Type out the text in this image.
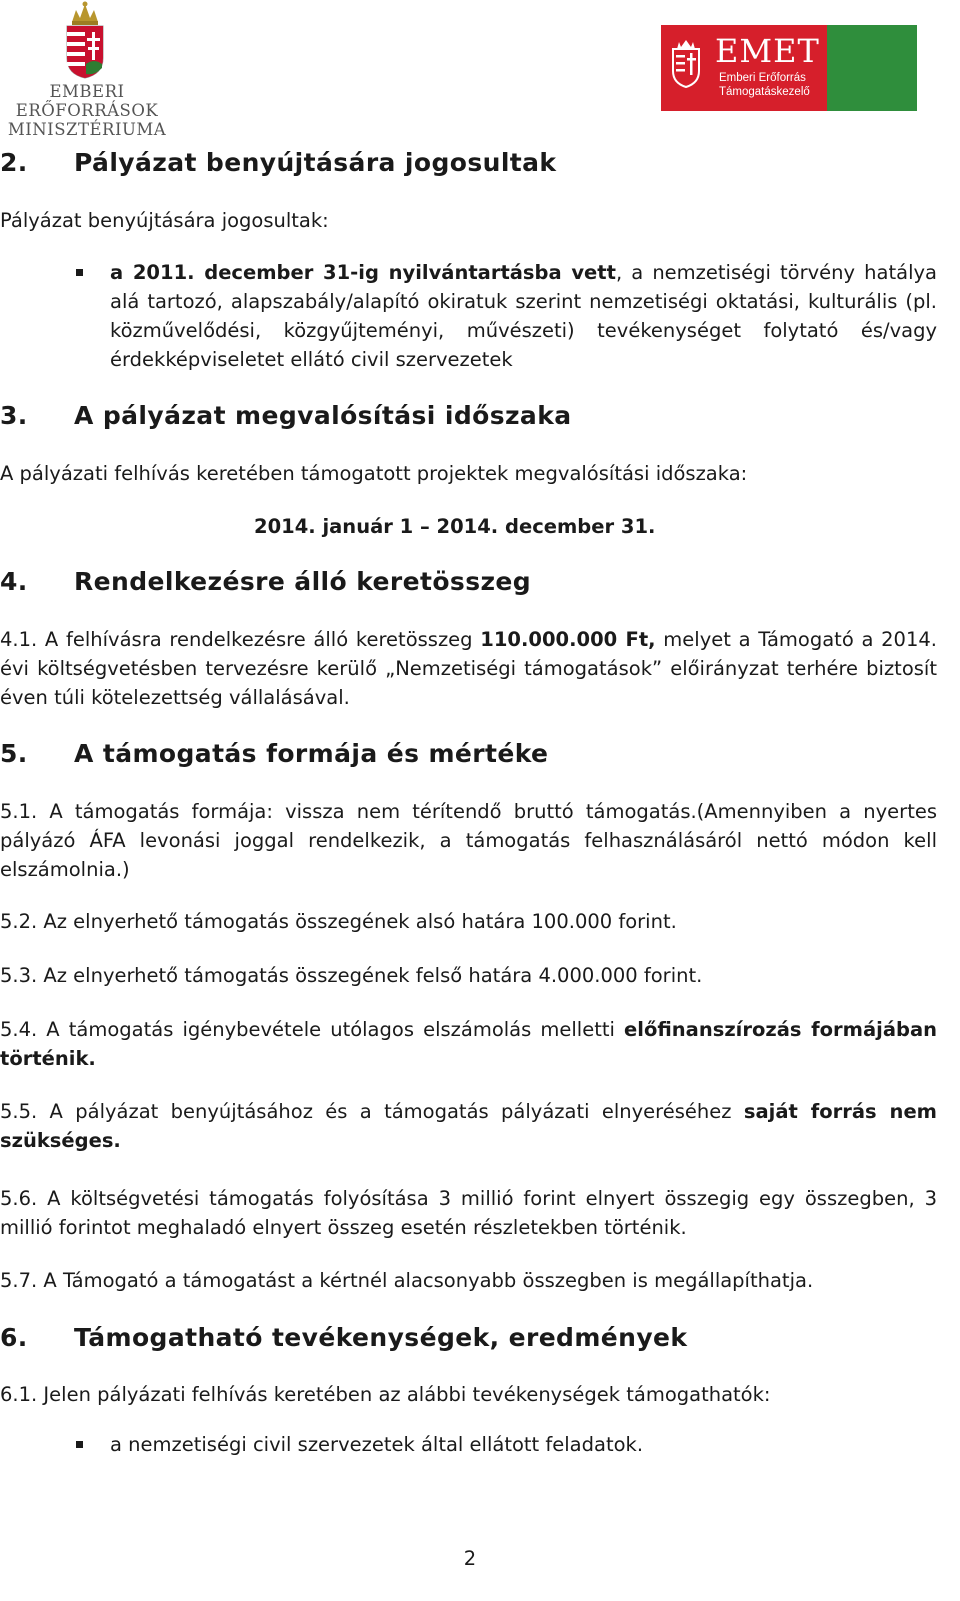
EMBERI ERŐFORRÁSOK
MINISZTÉRIUMA
EMET
Emberi Erőforrás
Támogatáskezelő
2. Pályázat benyújtására jogosultak
Pályázat benyújtására jogosultak:
a 2011. december 31-ig nyilvántartásba vett, a nemzetiségi törvény hatálya alá tartozó, alapszabály/alapító okiratuk szerint nemzetiségi oktatási, kulturális (pl. közművelődési, közgyűjteményi, művészeti) tevékenységet folytató és/vagy érdekképviseletet ellátó civil szervezetek
3. A pályázat megvalósítási időszaka
A pályázati felhívás keretében támogatott projektek megvalósítási időszaka:
2014. január 1 – 2014. december 31.
4. Rendelkezésre álló keretösszeg
4.1. A felhívásra rendelkezésre álló keretösszeg 110.000.000 Ft, melyet a Támogató a 2014. évi költségvetésben tervezésre kerülő „Nemzetiségi támogatások” előirányzat terhére biztosít éven túli kötelezettség vállalásával.
5. A támogatás formája és mértéke
5.1. A támogatás formája: vissza nem térítendő bruttó támogatás.(Amennyiben a nyertes pályázó ÁFA levonási joggal rendelkezik, a támogatás felhasználásáról nettó módon kell elszámolnia.)
5.2. Az elnyerhető támogatás összegének alsó határa 100.000 forint.
5.3. Az elnyerhető támogatás összegének felső határa 4.000.000 forint.
5.4. A támogatás igénybevétele utólagos elszámolás melletti előfinanszírozás formájában történik.
5.5. A pályázat benyújtásához és a támogatás pályázati elnyeréséhez saját forrás nem szükséges.
5.6. A költségvetési támogatás folyósítása 3 millió forint elnyert összegig egy összegben, 3 millió forintot meghaladó elnyert összeg esetén részletekben történik.
5.7. A Támogató a támogatást a kértnél alacsonyabb összegben is megállapíthatja.
6. Támogatható tevékenységek, eredmények
6.1. Jelen pályázati felhívás keretében az alábbi tevékenységek támogathatók:
a nemzetiségi civil szervezetek által ellátott feladatok.
2
